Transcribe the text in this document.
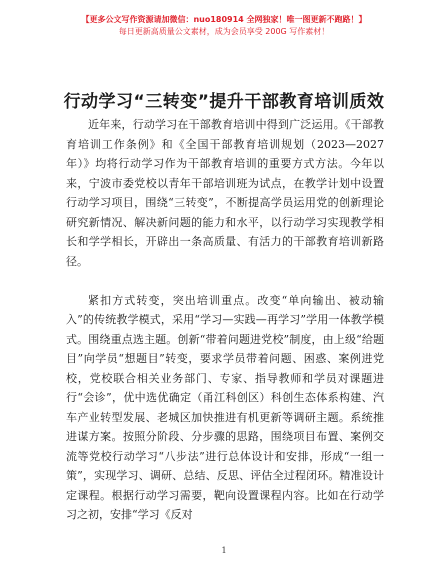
【更多公文写作资源请加微信：nuo180914 全网独家！唯一图更新不跑路！】
每日更新高质量公文素材，成为会员享受 200G 写作素材！
行动学习“三转变”提升干部教育培训质效

近年来，行动学习在干部教育培训中得到广泛运用。《干部教育培训工作条例》和《全国干部教育培训规划（2023—2027年）》均将行动学习作为干部教育培训的重要方式方法。今年以来，宁波市委党校以青年干部培训班为试点，在教学计划中设置行动学习项目，围绕“三转变”，不断提高学员运用党的创新理论研究新情况、解决新问题的能力和水平，以行动学习实现教学相长和学学相长，开辟出一条高质量、有活力的干部教育培训新路径。

紧扣方式转变，突出培训重点。改变“单向输出、被动输入”的传统教学模式，采用“学习—实践—再学习”学用一体教学模式。围绕重点选主题。创新“带着问题进党校”制度，由上级“给题目”向学员“想题目”转变，要求学员带着问题、困惑、案例进党校，党校联合相关业务部门、专家、指导教师和学员对课题进行“会诊”，优中选优确定（甬江科创区）科创生态体系构建、汽车产业转型发展、老城区加快推进有机更新等调研主题。系统推进谋方案。按照分阶段、分步骤的思路，围绕项目布置、案例交流等党校行动学习“八步法”进行总体设计和安排，形成“一组一策”，实现学习、调研、总结、反思、评估全过程闭环。精准设计定课程。根据行动学习需要，靶向设置课程内容。比如在行动学习之初，安排“学习《反对

1
